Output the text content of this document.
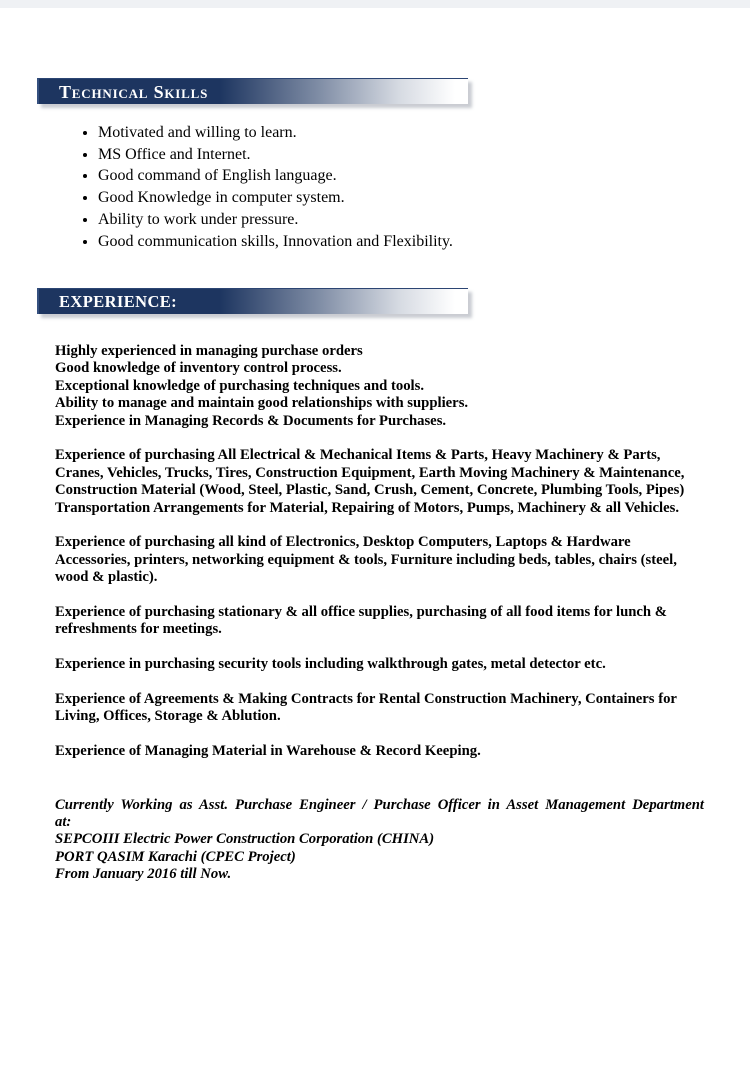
Technical Skills
• Motivated and willing to learn.
• MS Office and Internet.
• Good command of English language.
• Good Knowledge in computer system.
• Ability to work under pressure.
• Good communication skills, Innovation and Flexibility.
EXPERIENCE:
Highly experienced in managing purchase orders
Good knowledge of inventory control process.
Exceptional knowledge of purchasing techniques and tools.
Ability to manage and maintain good relationships with suppliers.
Experience in Managing Records & Documents for Purchases.

Experience of purchasing All Electrical & Mechanical Items & Parts, Heavy Machinery & Parts, Cranes, Vehicles, Trucks, Tires, Construction Equipment, Earth Moving Machinery & Maintenance, Construction Material (Wood, Steel, Plastic, Sand, Crush, Cement, Concrete, Plumbing Tools, Pipes) Transportation Arrangements for Material, Repairing of Motors, Pumps, Machinery & all Vehicles.

Experience of purchasing all kind of Electronics, Desktop Computers, Laptops & Hardware Accessories, printers, networking equipment & tools, Furniture including beds, tables, chairs (steel, wood & plastic).

Experience of purchasing stationary & all office supplies, purchasing of all food items for lunch & refreshments for meetings.

Experience in purchasing security tools including walkthrough gates, metal detector etc.

Experience of Agreements & Making Contracts for Rental Construction Machinery, Containers for Living, Offices, Storage & Ablution.

Experience of Managing Material in Warehouse & Record Keeping.

Currently Working as Asst. Purchase Engineer / Purchase Officer in Asset Management Department
at:
SEPCOIII Electric Power Construction Corporation (CHINA)
PORT QASIM Karachi (CPEC Project)
From January 2016 till Now.
